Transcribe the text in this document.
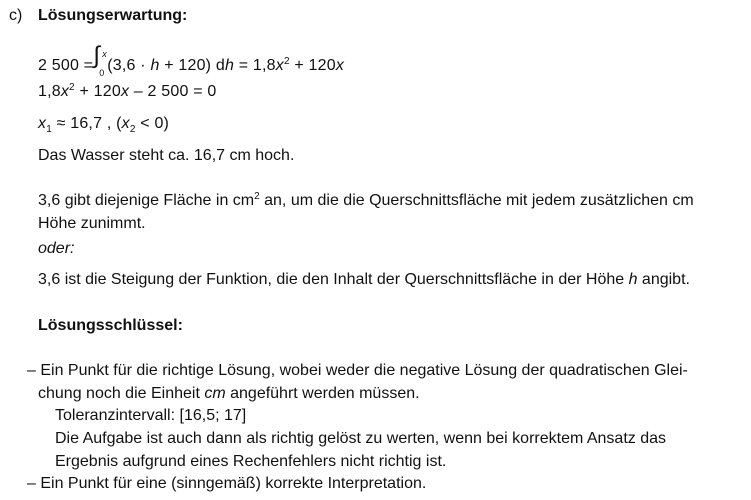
c) Lösungserwartung:
2 500 = ∫ x
0 (3,6 · h + 120) dh = $1,8x^2 + 120x$
$1,8x^2 + 120x - 2$ 500 = 0
$x_1 \approx 16,7$ , $(x_2 < 0)$
Das Wasser steht ca. 16,7 cm hoch.
3,6 gibt diejenige Fläche in $cm^2$ an, um die die Querschnittsfläche mit jedem zusätzlichen cm
Höhe zunimmt.
oder:
3,6 ist die Steigung der Funktion, die den Inhalt der Querschnittsfläche in der Höhe h angibt.
Lösungsschlüssel:
– Ein Punkt für die richtige Lösung, wobei weder die negative Lösung der quadratischen Glei-
chung noch die Einheit cm angeführt werden müssen.
Toleranzintervall: [16,5; 17]
Die Aufgabe ist auch dann als richtig gelöst zu werten, wenn bei korrektem Ansatz das
Ergebnis aufgrund eines Rechenfehlers nicht richtig ist.
– Ein Punkt für eine (sinngemäß) korrekte Interpretation.
